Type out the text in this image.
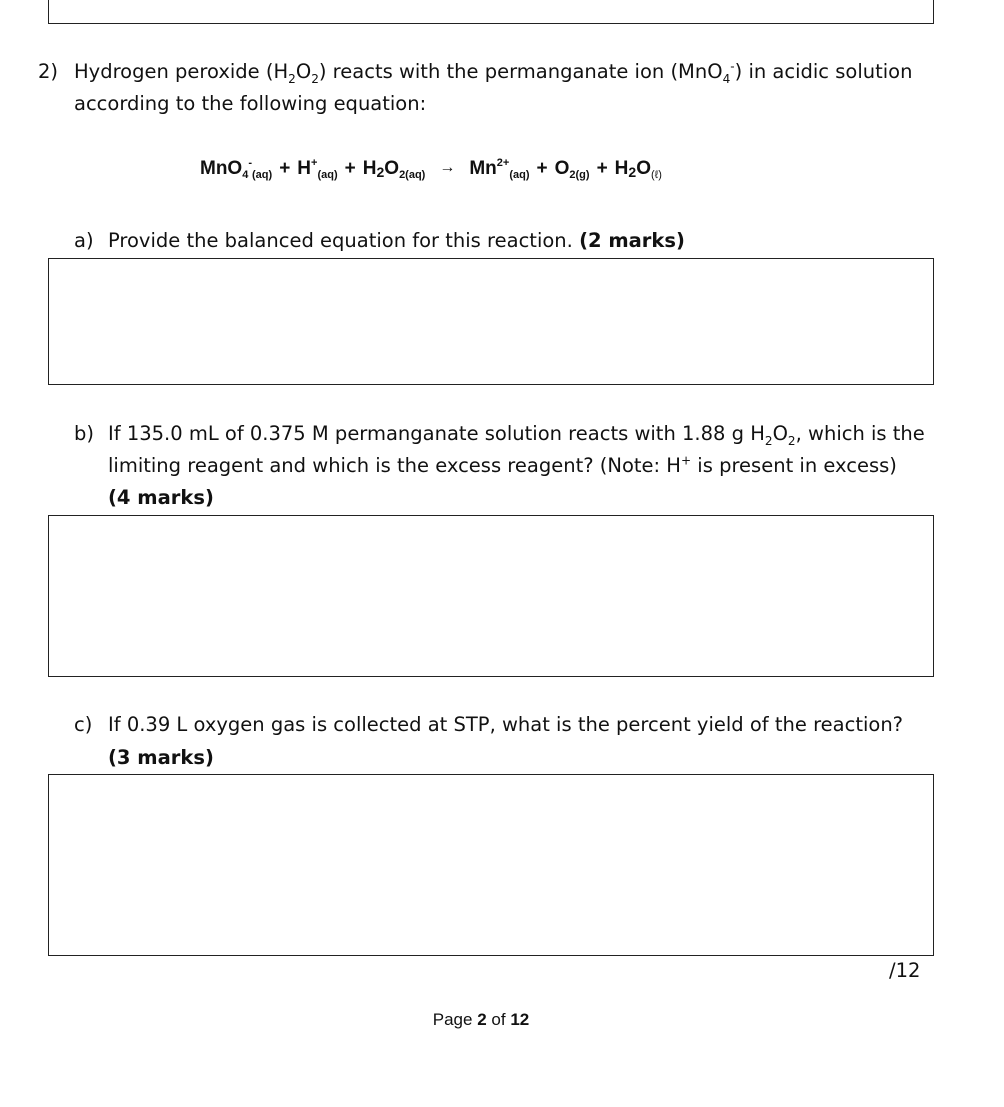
2) Hydrogen peroxide $(H_2O_2)$ reacts with the permanganate ion (MnO$_4$-) in acidic solution
according to the following equation:
$MnO_4^-_{(aq)} + H^+_{(aq)} + H2O_{2(aq)} \to Mn^{2+}_{(aq)} + O_{2(g)} + H2O_{(\ell)}$
a) Provide the balanced equation for this reaction. (2 marks)
b) If 135.0 mL of 0.375 M permanganate solution reacts with 1.88 g $H_2O_2$, which is the
limiting reagent and which is the excess reagent? (Note: H+ is present in excess)
(4 marks)
c) If 0.39 L oxygen gas is collected at STP, what is the percent yield of the reaction?
(3 marks)
/12
Page 2 of 12
